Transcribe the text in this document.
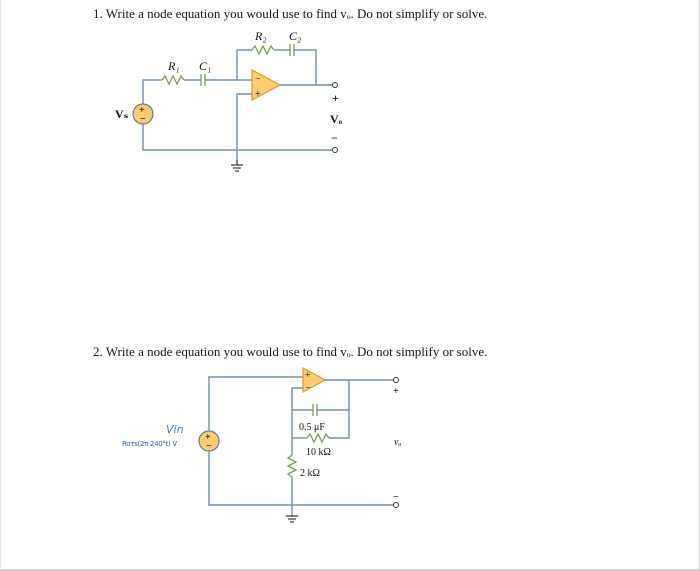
1. Write a node equation you would use to find vₒ. Do not simplify or solve.
2. Write a node equation you would use to find vₒ. Do not simplify or solve.
−
+
+
−
R₁ C₁
R₂ C₂
Vₛ
+
Vₒ
−
+
−
+
−
0.5 μF
10 kΩ
2 kΩ
Vin
Roτs(2π·240°t) V
+
vₒ
−
